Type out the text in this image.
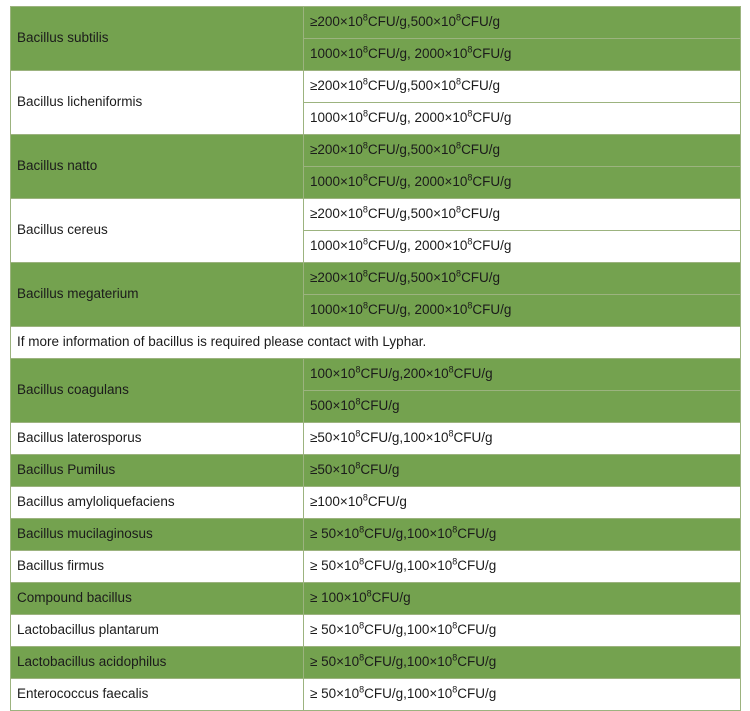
Bacillus subtilis	$\ge 200\times 10^8CFU/g,500\times 10^8CFU/g$
	$1000\times 10^8CFU/g$, $2000\times 10^8CFU/g$
Bacillus licheniformis	$\ge 200\times 10^8CFU/g,500\times 10^8CFU/g$
	$1000\times 10^8CFU/g$, $2000\times 10^8CFU/g$
Bacillus natto	$\ge 200\times 10^8CFU/g,500\times 10^8CFU/g$
	$1000\times 10^8CFU/g$, $2000\times 10^8CFU/g$
Bacillus cereus	$\ge 200\times 10^8CFU/g,500\times 10^8CFU/g$
	$1000\times 10^8CFU/g$, $2000\times 10^8CFU/g$
Bacillus megaterium	$\ge 200\times 10^8CFU/g,500\times 10^8CFU/g$
	$1000\times 10^8CFU/g$, $2000\times 10^8CFU/g$
If more information of bacillus is required please contact with Lyphar.	
Bacillus coagulans	$100\times 10^8CFU/g,200\times 10^8CFU/g$
	$500\times 10^8CFU/g$
Bacillus laterosporus	$\ge 50\times 10^8CFU/g,100\times 10^8CFU/g$
Bacillus Pumilus	$\ge 50\times 10^8CFU/g$
Bacillus amyloliquefaciens	$\ge 100\times 10^8CFU/g$
Bacillus mucilaginosus	≥ $50\times 10^8CFU/g,100\times 10^8CFU/g$
Bacillus firmus	≥ $50\times 10^8CFU/g,100\times 10^8CFU/g$
Compound bacillus	≥ $100\times 10^8CFU/g$
Lactobacillus plantarum	≥ $50\times 10^8CFU/g,100\times 10^8CFU/g$
Lactobacillus acidophilus	≥ $50\times 10^8CFU/g,100\times 10^8CFU/g$
Enterococcus faecalis	≥ $50\times 10^8CFU/g,100\times 10^8CFU/g$
